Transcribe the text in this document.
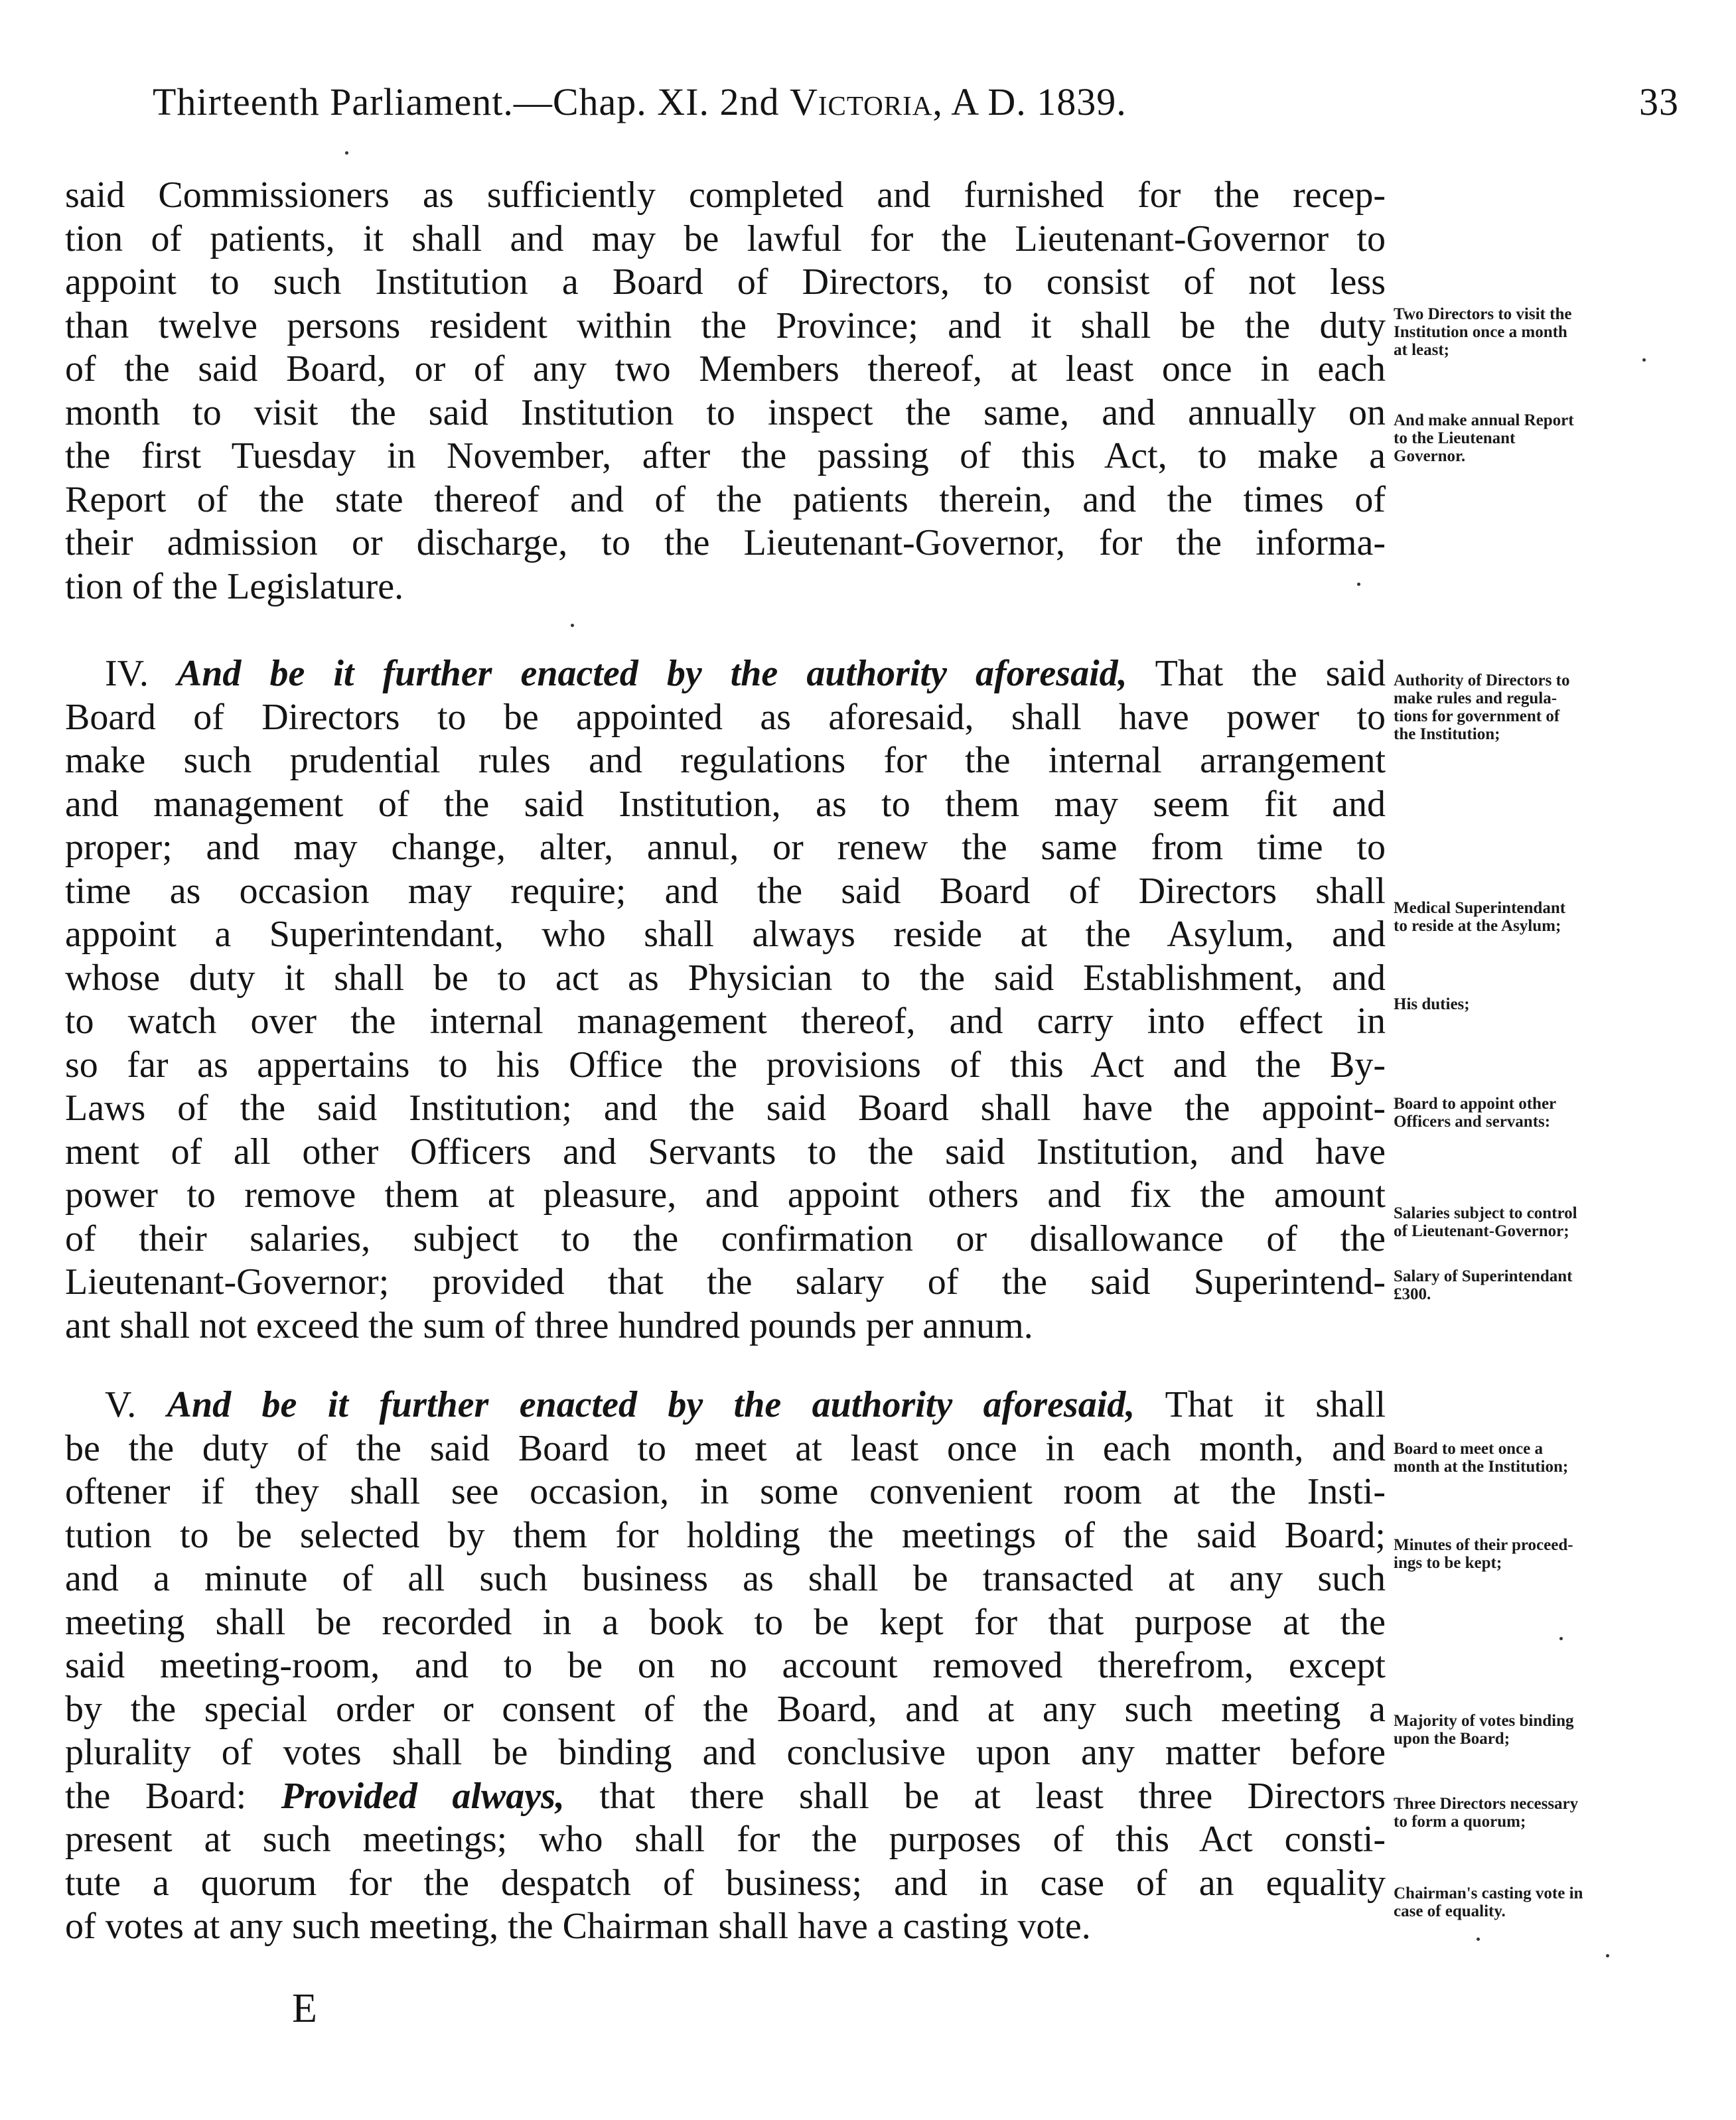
Thirteenth Parliament.—Chap. XI. 2nd Victoria, A D. 1839.	33
said Commissioners as sufficiently completed and furnished for the recep-
tion of patients, it shall and may be lawful for the Lieutenant-Governor to
appoint to such Institution a Board of Directors, to consist of not less
than twelve persons resident within the Province; and it shall be the duty
of the said Board, or of any two Members thereof, at least once in each
month to visit the said Institution to inspect the same, and annually on
the first Tuesday in November, after the passing of this Act, to make a
Report of the state thereof and of the patients therein, and the times of
their admission or discharge, to the Lieutenant-Governor, for the informa-
tion of the Legislature.
IV. And be it further enacted by the authority aforesaid, That the said
Board of Directors to be appointed as aforesaid, shall have power to
make such prudential rules and regulations for the internal arrangement
and management of the said Institution, as to them may seem fit and
proper; and may change, alter, annul, or renew the same from time to
time as occasion may require; and the said Board of Directors shall
appoint a Superintendant, who shall always reside at the Asylum, and
whose duty it shall be to act as Physician to the said Establishment, and
to watch over the internal management thereof, and carry into effect in
so far as appertains to his Office the provisions of this Act and the By-
Laws of the said Institution; and the said Board shall have the appoint-
ment of all other Officers and Servants to the said Institution, and have
power to remove them at pleasure, and appoint others and fix the amount
of their salaries, subject to the confirmation or disallowance of the
Lieutenant-Governor; provided that the salary of the said Superintend-
ant shall not exceed the sum of three hundred pounds per annum.
V. And be it further enacted by the authority aforesaid, That it shall
be the duty of the said Board to meet at least once in each month, and
oftener if they shall see occasion, in some convenient room at the Insti-
tution to be selected by them for holding the meetings of the said Board;
and a minute of all such business as shall be transacted at any such
meeting shall be recorded in a book to be kept for that purpose at the
said meeting-room, and to be on no account removed therefrom, except
by the special order or consent of the Board, and at any such meeting a
plurality of votes shall be binding and conclusive upon any matter before
the Board: Provided always, that there shall be at least three Directors
present at such meetings; who shall for the purposes of this Act consti-
tute a quorum for the despatch of business; and in case of an equality
of votes at any such meeting, the Chairman shall have a casting vote.
Two Directors to visit the
Institution once a month
at least;
And make annual Report
to the Lieutenant
Governor.
Authority of Directors to
make rules and regula-
tions for government of
the Institution;
Medical Superintendant
to reside at the Asylum;
His duties;
Board to appoint other
Officers and servants:
Salaries subject to control
of Lieutenant-Governor;
Salary of Superintendant
£300.
Board to meet once a
month at the Institution;
Minutes of their proceed-
ings to be kept;
Majority of votes binding
upon the Board;
Three Directors necessary
to form a quorum;
Chairman's casting vote in
case of equality.
E
